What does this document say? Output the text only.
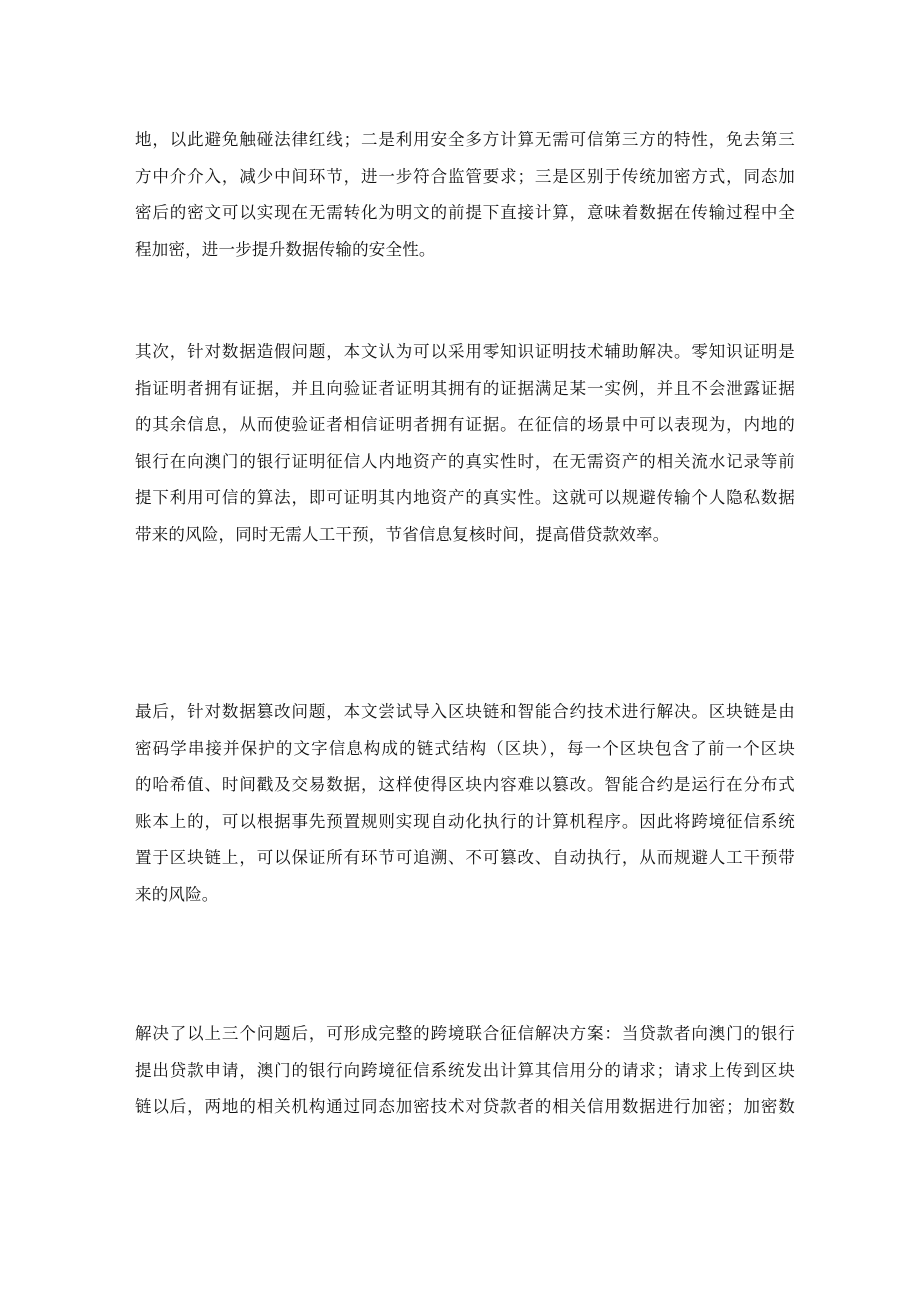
地，以此避免触碰法律红线；二是利用安全多方计算无需可信第三方的特性，免去第三
方中介介入，减少中间环节，进一步符合监管要求；三是区别于传统加密方式，同态加
密后的密文可以实现在无需转化为明文的前提下直接计算，意味着数据在传输过程中全
程加密，进一步提升数据传输的安全性。
其次，针对数据造假问题，本文认为可以采用零知识证明技术辅助解决。零知识证明是
指证明者拥有证据，并且向验证者证明其拥有的证据满足某一实例，并且不会泄露证据
的其余信息，从而使验证者相信证明者拥有证据。在征信的场景中可以表现为，内地的
银行在向澳门的银行证明征信人内地资产的真实性时，在无需资产的相关流水记录等前
提下利用可信的算法，即可证明其内地资产的真实性。这就可以规避传输个人隐私数据
带来的风险，同时无需人工干预，节省信息复核时间，提高借贷款效率。
最后，针对数据篡改问题，本文尝试导入区块链和智能合约技术进行解决。区块链是由
密码学串接并保护的文字信息构成的链式结构（区块），每一个区块包含了前一个区块
的哈希值、时间戳及交易数据，这样使得区块内容难以篡改。智能合约是运行在分布式
账本上的，可以根据事先预置规则实现自动化执行的计算机程序。因此将跨境征信系统
置于区块链上，可以保证所有环节可追溯、不可篡改、自动执行，从而规避人工干预带
来的风险。
解决了以上三个问题后，可形成完整的跨境联合征信解决方案：当贷款者向澳门的银行
提出贷款申请，澳门的银行向跨境征信系统发出计算其信用分的请求；请求上传到区块
链以后，两地的相关机构通过同态加密技术对贷款者的相关信用数据进行加密；加密数
